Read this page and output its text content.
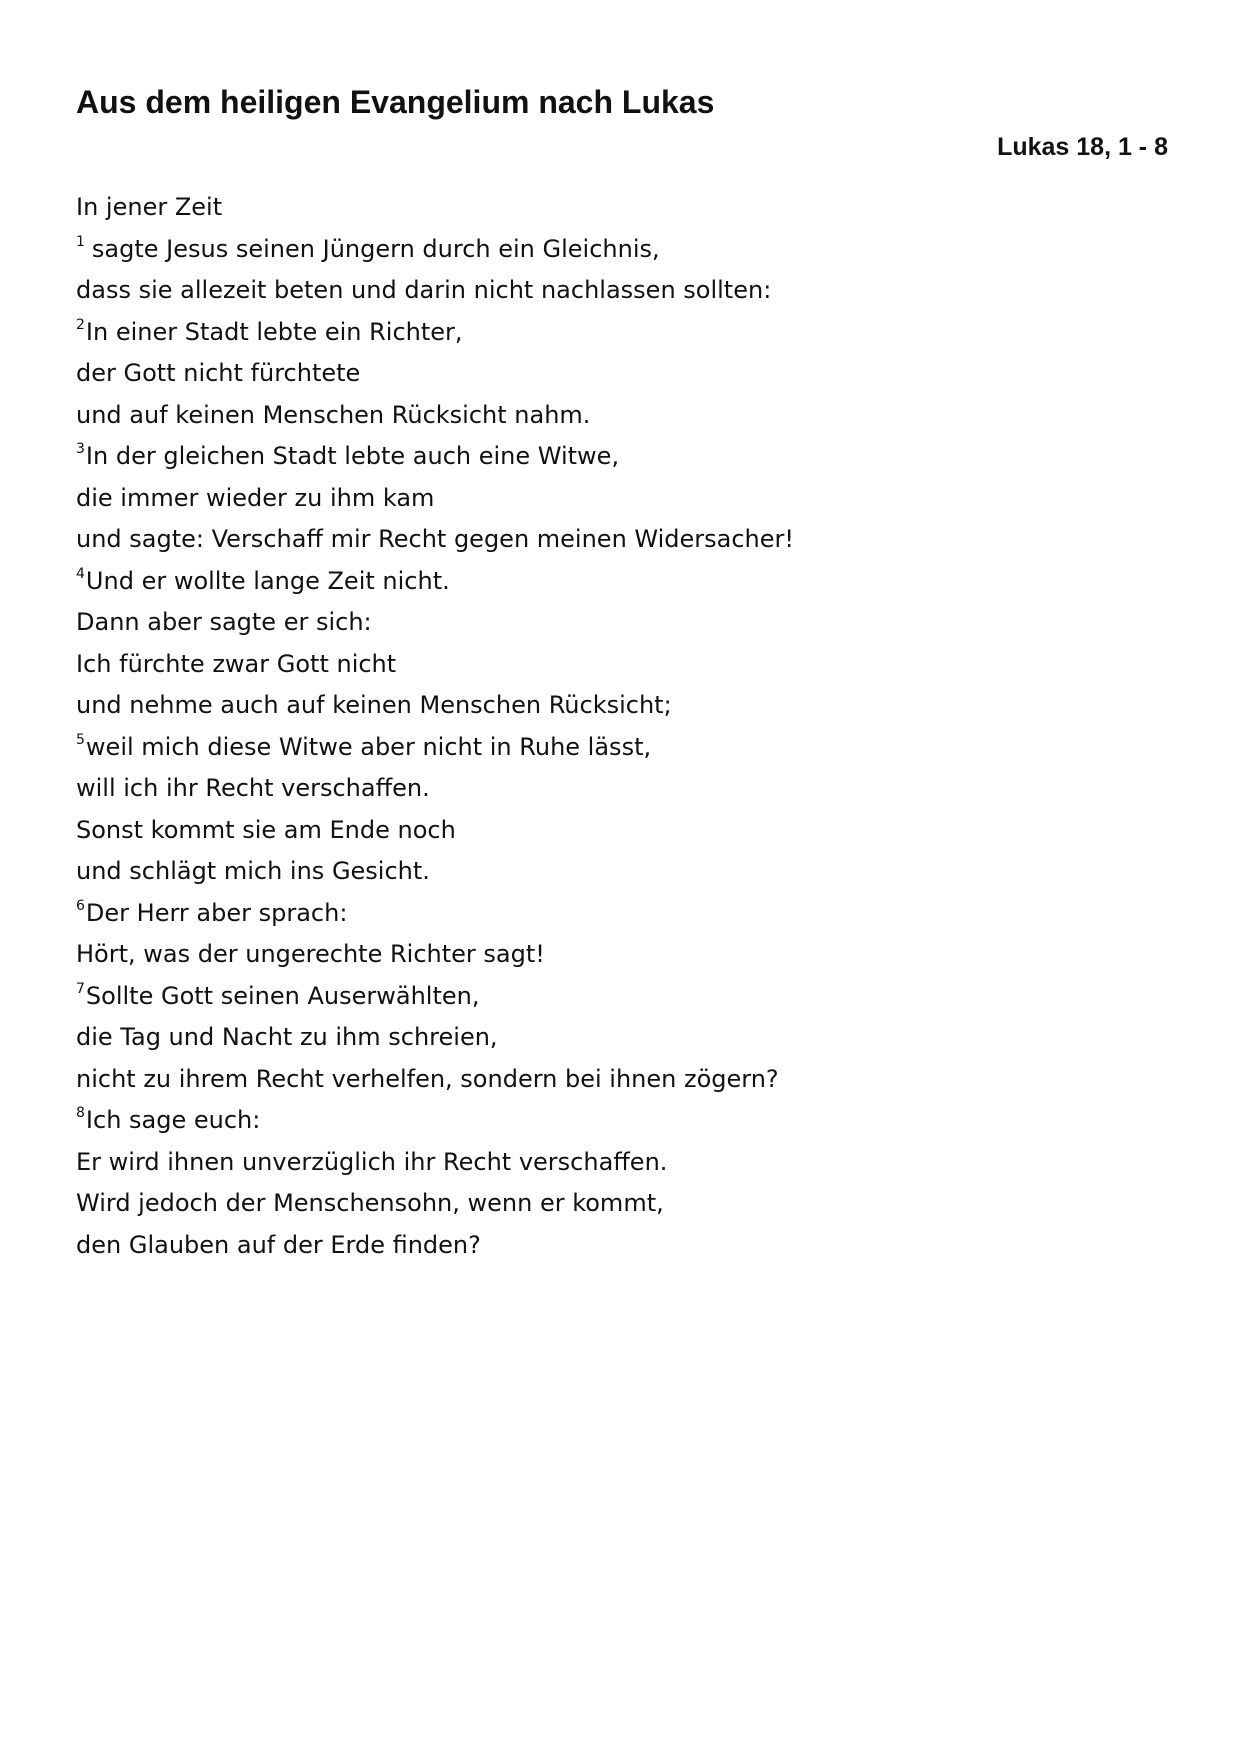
Aus dem heiligen Evangelium nach Lukas
Lukas 18, 1 - 8
In jener Zeit
$^1$ sagte Jesus seinen Jüngern durch ein Gleichnis,
dass sie allezeit beten und darin nicht nachlassen sollten:
$^2$In einer Stadt lebte ein Richter,
der Gott nicht fürchtete
und auf keinen Menschen Rücksicht nahm.
$^3$In der gleichen Stadt lebte auch eine Witwe,
die immer wieder zu ihm kam
und sagte: Verschaff mir Recht gegen meinen Widersacher!
$^4$Und er wollte lange Zeit nicht.
Dann aber sagte er sich:
Ich fürchte zwar Gott nicht
und nehme auch auf keinen Menschen Rücksicht;
$^5$weil mich diese Witwe aber nicht in Ruhe lässt,
will ich ihr Recht verschaffen.
Sonst kommt sie am Ende noch
und schlägt mich ins Gesicht.
$^6$Der Herr aber sprach:
Hört, was der ungerechte Richter sagt!
$^7$Sollte Gott seinen Auserwählten,
die Tag und Nacht zu ihm schreien,
nicht zu ihrem Recht verhelfen, sondern bei ihnen zögern?
$^8$Ich sage euch:
Er wird ihnen unverzüglich ihr Recht verschaffen.
Wird jedoch der Menschensohn, wenn er kommt,
den Glauben auf der Erde finden?
